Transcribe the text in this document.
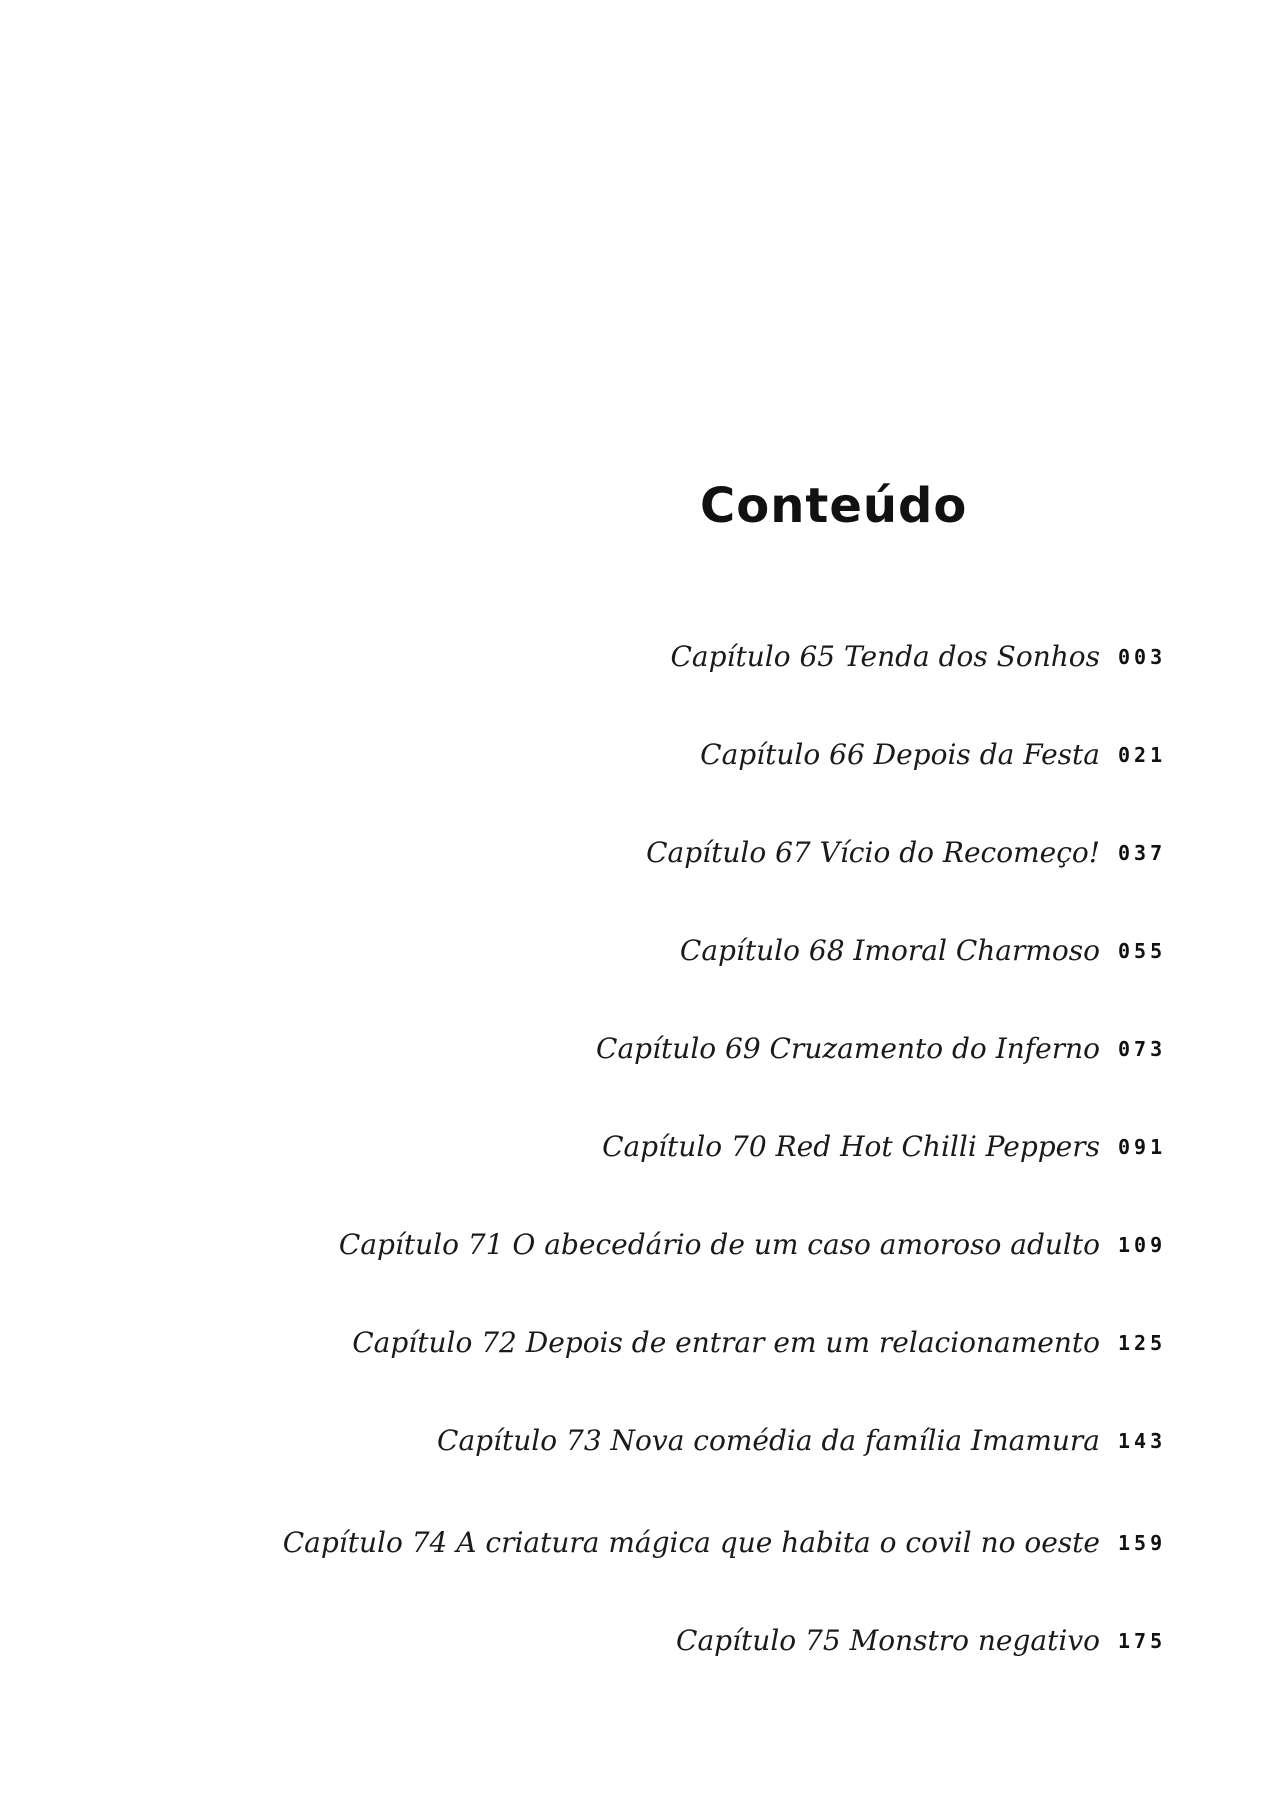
Conteúdo
Capítulo 65 Tenda dos Sonhos 003
Capítulo 66 Depois da Festa 021
Capítulo 67 Vício do Recomeço! 037
Capítulo 68 Imoral Charmoso 055
Capítulo 69 Cruzamento do Inferno 073
Capítulo 70 Red Hot Chilli Peppers 091
Capítulo 71 O abecedário de um caso amoroso adulto 109
Capítulo 72 Depois de entrar em um relacionamento 125
Capítulo 73 Nova comédia da família Imamura 143
Capítulo 74 A criatura mágica que habita o covil no oeste 159
Capítulo 75 Monstro negativo 175
